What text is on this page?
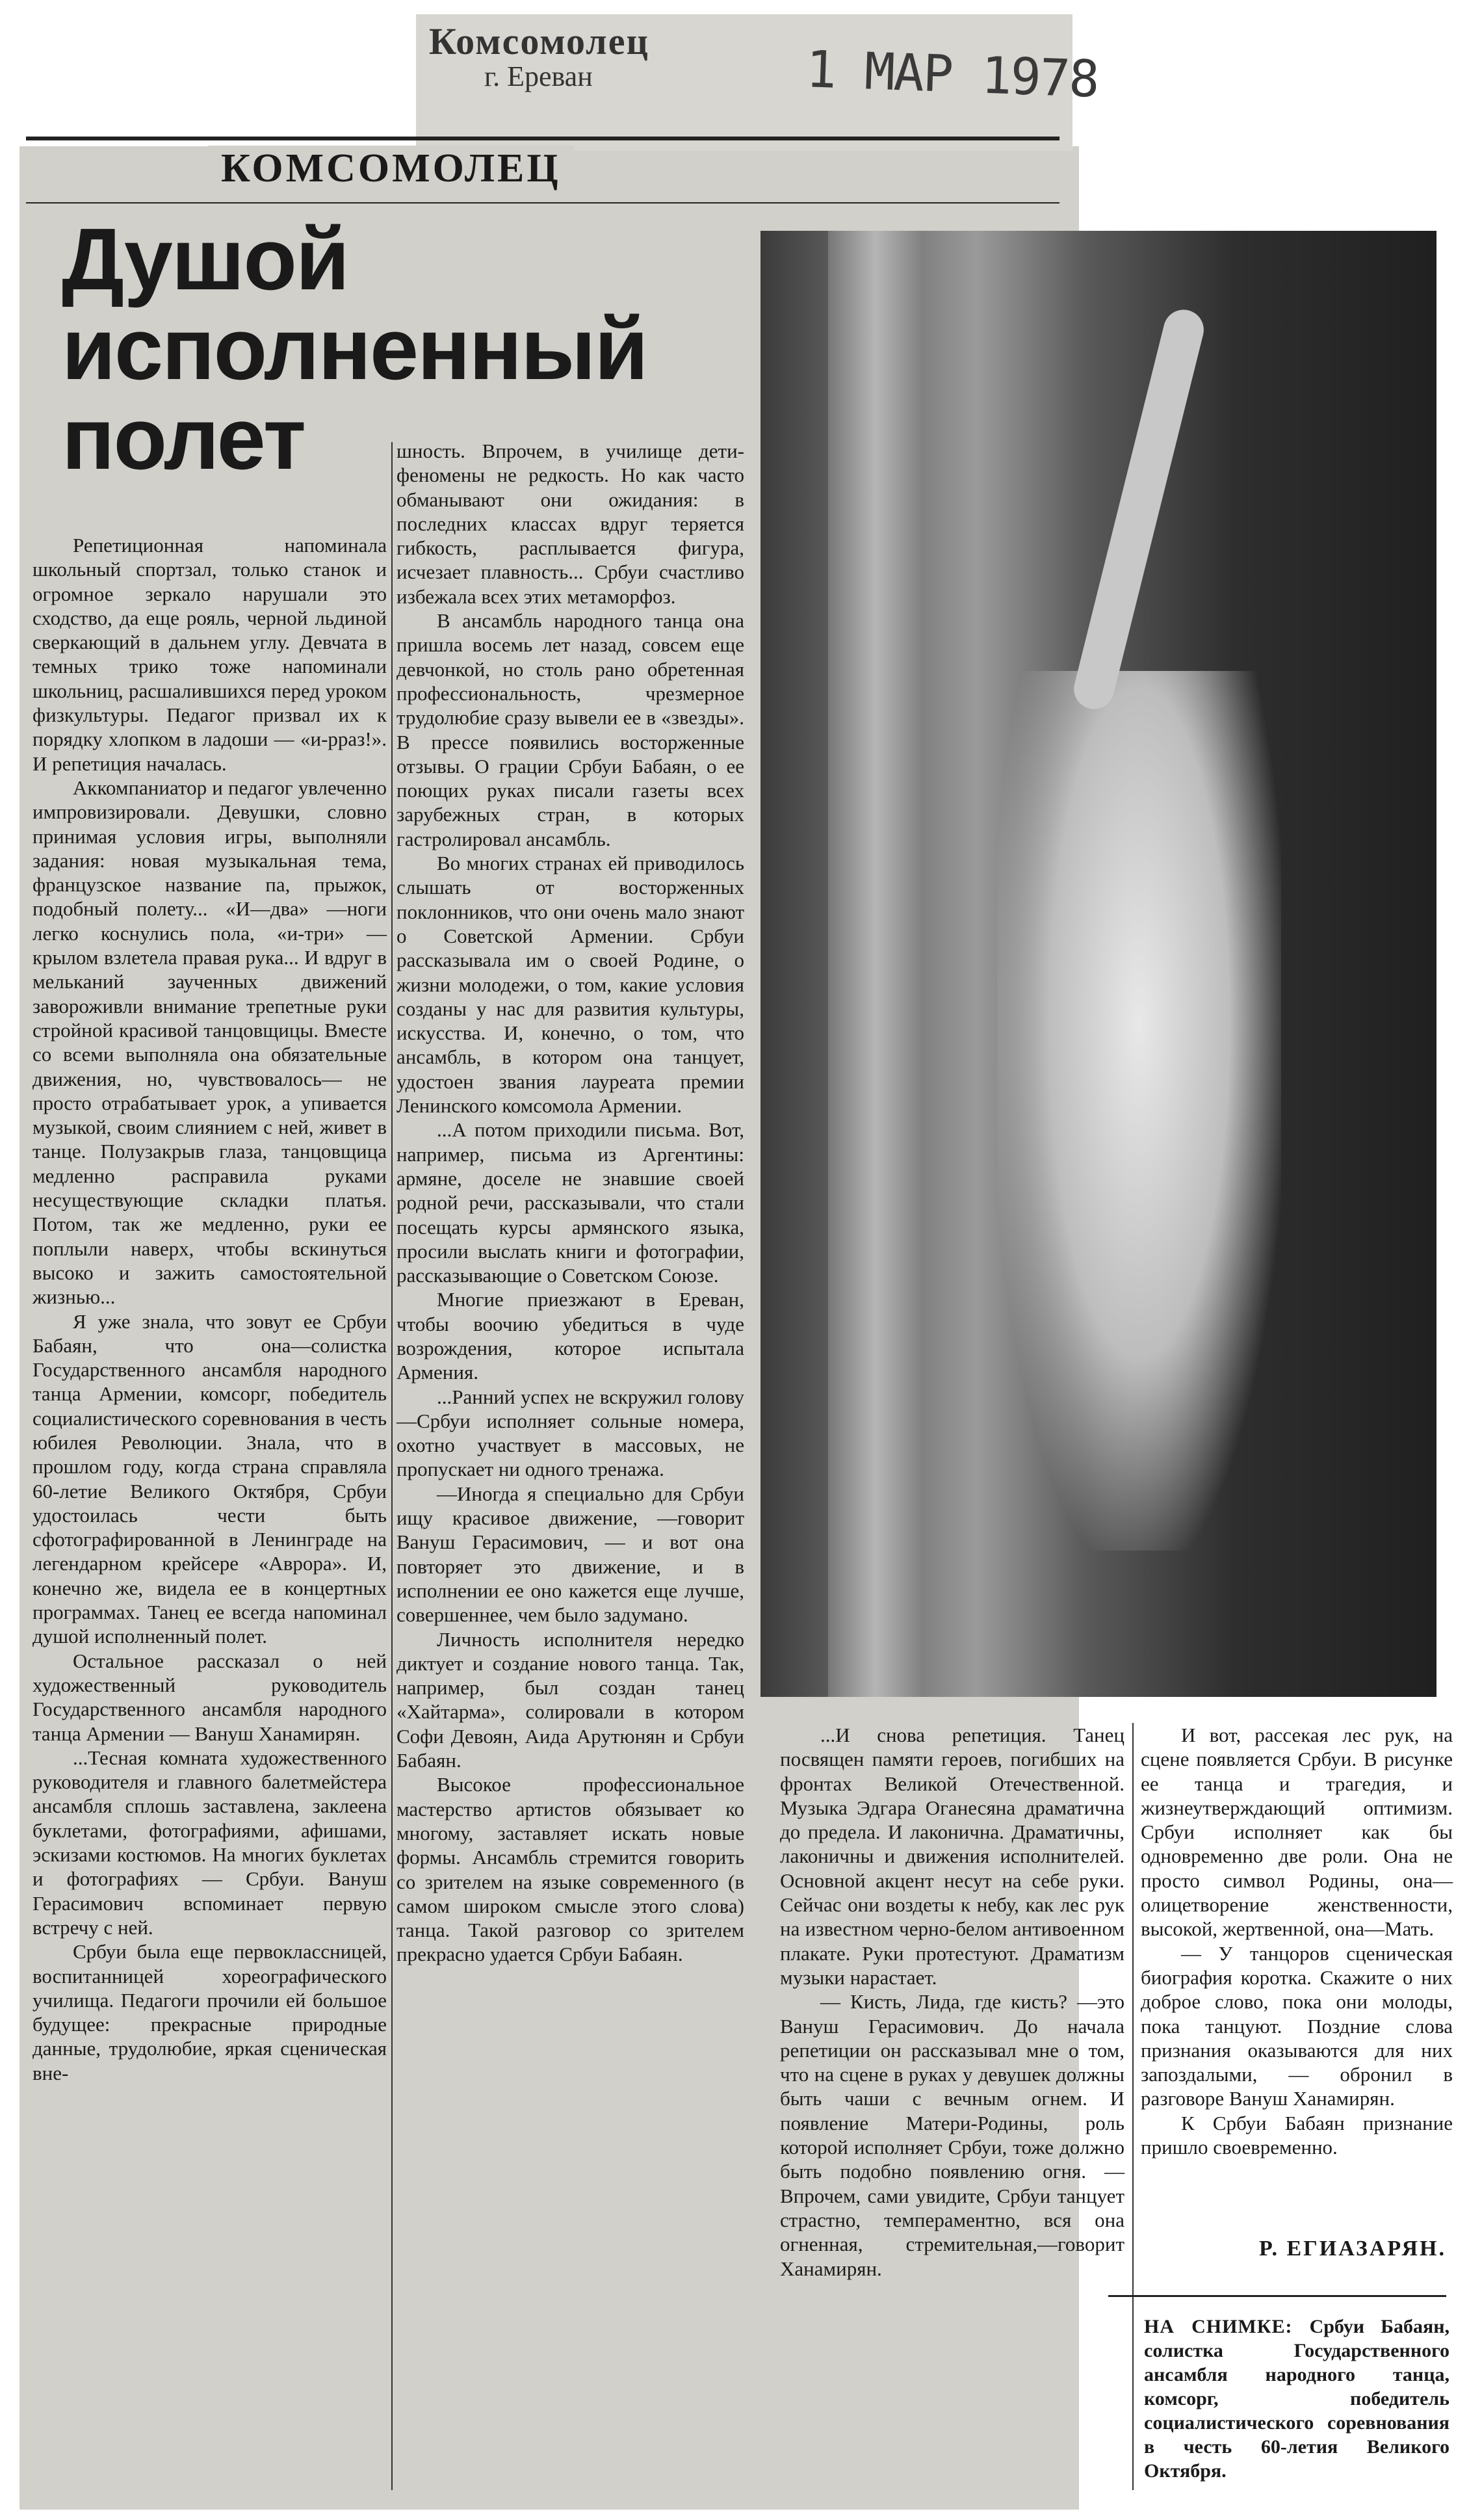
Комсомолец
г. Ереван	1 МАР 1978
КОМСОМОЛЕЦ
Душой
исполненный
полет

Репетиционная напоминала школьный спортзал, только станок и огромное зеркало нарушали это сходство, да еще рояль, черной льдиной сверкающий в дальнем углу. Девчата в темных трико тоже напоминали школьниц, расшалившихся перед уроком физкультуры. Педагог призвал их к порядку хлопком в ладоши — «и-рраз!». И репетиция началась.

Аккомпаниатор и педагог увлеченно импровизировали. Девушки, словно принимая условия игры, выполняли задания: новая музыкальная тема, французское название па, прыжок, подобный полету... «И—два» —ноги легко коснулись пола, «и-три» — крылом взлетела правая рука... И вдруг в мельканий заученных движений завороживли внимание трепетные руки стройной красивой танцовщицы. Вместе со всеми выполняла она обязательные движения, но, чувствовалось— не просто отрабатывает урок, а упивается музыкой, своим слиянием с ней, живет в танце. Полузакрыв глаза, танцовщица медленно расправила руками несуществующие складки платья. Потом, так же медленно, руки ее поплыли наверх, чтобы вскинуться высоко и зажить самостоятельной жизнью...

Я уже знала, что зовут ее Србуи Бабаян, что она—солистка Государственного ансамбля народного танца Армении, комсорг, победитель социалистического соревнования в честь юбилея Революции. Знала, что в прошлом году, когда страна справляла 60-летие Великого Октября, Србуи удостоилась чести быть сфотографированной в Ленинграде на легендарном крейсере «Аврора». И, конечно же, видела ее в концертных программах. Танец ее всегда напоминал душой исполненный полет.

Остальное рассказал о ней художественный руководитель Государственного ансамбля народного танца Армении — Вануш Ханамирян.

...Тесная комната художественного руководителя и главного балетмейстера ансамбля сплошь заставлена, заклеена буклетами, фотографиями, афишами, эскизами костюмов. На многих буклетах и фотографиях — Србуи. Вануш Герасимович вспоминает первую встречу с ней.

Србуи была еще первоклассницей, воспитанницей хореографического училища. Педагоги прочили ей большое будущее: прекрасные природные данные, трудолюбие, яркая сценическая вне-

шность. Впрочем, в училище дети-феномены не редкость. Но как часто обманывают они ожидания: в последних классах вдруг теряется гибкость, расплывается фигура, исчезает плавность... Србуи счастливо избежала всех этих метаморфоз.

В ансамбль народного танца она пришла восемь лет назад, совсем еще девчонкой, но столь рано обретенная профессиональность, чрезмерное трудолюбие сразу вывели ее в «звезды». В прессе появились восторженные отзывы. О грации Србуи Бабаян, о ее поющих руках писали газеты всех зарубежных стран, в которых гастролировал ансамбль.

Во многих странах ей приводилось слышать от восторженных поклонников, что они очень мало знают о Советской Армении. Србуи рассказывала им о своей Родине, о жизни молодежи, о том, какие условия созданы у нас для развития культуры, искусства. И, конечно, о том, что ансамбль, в котором она танцует, удостоен звания лауреата премии Ленинского комсомола Армении.

...А потом приходили письма. Вот, например, письма из Аргентины: армяне, доселе не знавшие своей родной речи, рассказывали, что стали посещать курсы армянского языка, просили выслать книги и фотографии, рассказывающие о Советском Союзе.

Многие приезжают в Ереван, чтобы воочию убедиться в чуде возрождения, которое испытала Армения.

...Ранний успех не вскружил голову—Србуи исполняет сольные номера, охотно участвует в массовых, не пропускает ни одного тренажа.

—Иногда я специально для Србуи ищу красивое движение, —говорит Вануш Герасимович, — и вот она повторяет это движение, и в исполнении ее оно кажется еще лучше, совершеннее, чем было задумано.

Личность исполнителя нередко диктует и создание нового танца. Так, например, был создан танец «Хайтарма», солировали в котором Софи Девоян, Аида Арутюнян и Србуи Бабаян.

Высокое профессиональное мастерство артистов обязывает ко многому, заставляет искать новые формы. Ансамбль стремится говорить со зрителем на языке современного (в самом широком смысле этого слова) танца. Такой разговор со зрителем прекрасно удается Србуи Бабаян.

...И снова репетиция. Танец посвящен памяти героев, погибших на фронтах Великой Отечественной. Музыка Эдгара Оганесяна драматична до предела. И лаконична. Драматичны, лаконичны и движения исполнителей. Основной акцент несут на себе руки. Сейчас они воздеты к небу, как лес рук на известном черно-белом антивоенном плакате. Руки протестуют. Драматизм музыки нарастает.

— Кисть, Лида, где кисть? —это Вануш Герасимович. До начала репетиции он рассказывал мне о том, что на сцене в руках у девушек должны быть чаши с вечным огнем. И появление Матери-Родины, роль которой исполняет Србуи, тоже должно быть подобно появлению огня. —Впрочем, сами увидите, Србуи танцует страстно, темпераментно, вся она огненная, стремительная,—говорит Ханамирян.

И вот, рассекая лес рук, на сцене появляется Србуи. В рисунке ее танца и трагедия, и жизнеутверждающий оптимизм. Србуи исполняет как бы одновременно две роли. Она не просто символ Родины, она—олицетворение женственности, высокой, жертвенной, она—Мать.

— У танцоров сценическая биография коротка. Скажите о них доброе слово, пока они молоды, пока танцуют. Поздние слова признания оказываются для них запоздалыми, — обронил в разговоре Вануш Ханамирян.

К Србуи Бабаян признание пришло своевременно.

Р. ЕГИАЗАРЯН.
НА СНИМКЕ: Србуи Бабаян, солистка Государственного ансамбля народного танца, комсорг, победитель социалистического соревнования в честь 60-летия Великого Октября.
